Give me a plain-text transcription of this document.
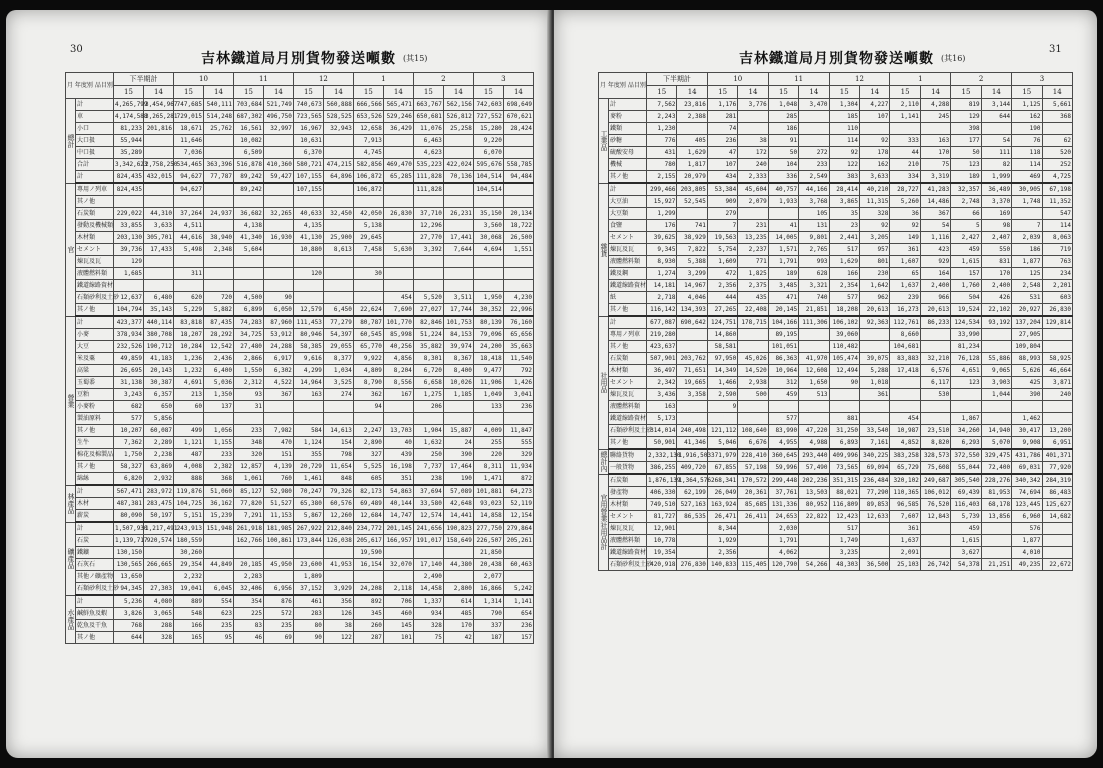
30
吉林鐵道局月別貨物發送噸數 (其15)
月 年度別 品目別		下半期計		10		11		12		1		2		3	
		15	14	15	14	15	14	15	14	15	14	15	14	15	14
總計	計	4,265,799	3,454,967	747,685	540,111	703,684	521,749	740,673	560,888	666,566	565,471	663,767	562,156	742,603	698,649
	車	4,174,588	3,265,281	729,015	514,248	687,302	496,750	723,565	528,525	653,526	529,246	650,681	526,812	727,552	670,621
	小口	81,233	201,816	18,671	25,762	16,561	32,997	16,967	32,943	12,658	36,429	11,076	25,258	15,280	28,424
	大口扱	55,944		11,646		10,082		10,631		7,913		6,463		9,220	
	中口扱	35,289		7,036		6,509		6,370		4,745		4,623		6,070	
	合計	3,342,623	2,758,250	534,465	363,396	516,878	410,360	580,721	474,215	582,856	469,470	535,223	422,024	595,676	558,785
	計	824,435	432,015	94,627	77,787	89,242	59,427	107,155	64,896	106,872	65,285	111,828	70,136	104,514	94,484
官	專用ノ列車	824,435		94,627		89,242		107,155		106,872		111,828		104,514	
	其ノ他														
	石炭類	229,022	44,310	37,264	24,937	36,682	32,265	40,633	32,450	42,050	26,830	37,710	26,231	35,150	20,134
	發動及機械類	33,855	3,633	4,511		4,138		4,135		5,138		12,296		3,560	18,722
	木材類	203,130	305,701	44,616	38,940	41,340	16,930	41,130	25,900	29,645		27,770	17,441	30,068	26,500
	セメント	39,736	17,433	5,498	2,348	5,604		10,880	8,613	7,458	5,630	3,392	7,644	4,694	1,551
	煉瓦及瓦	129													
	液體燃料類	1,685		311				120		30					
	鐵道線路資材														
	石類砂利及土砂	12,637	6,480	620	720	4,500	90				454	5,520	3,511	1,950	4,230
	其ノ他	104,794	35,143	5,229	5,882	6,899	6,050	12,579	6,450	22,624	7,690	27,027	17,744	30,352	22,996
營業	計	423,377	440,114	83,818	87,435	74,283	87,960	111,453	77,279	80,787	101,770	82,846	101,753	80,139	76,160
	小麥	378,934	380,708	18,207	28,292	34,725	53,912	80,946	54,397	60,545	85,998	51,224	84,153	79,096	65,656
	大豆	232,526	190,712	10,284	12,542	27,480	24,288	58,385	29,055	65,770	40,256	35,882	39,974	24,200	35,663
	米及粟	49,859	41,183	1,236	2,436	2,866	6,917	9,616	8,377	9,922	4,856	8,301	8,367	18,418	11,540
	高粱	26,695	20,143	1,232	6,400	1,550	6,302	4,299	1,034	4,809	8,204	6,720	8,400	9,477	792
	玉蜀黍	31,138	30,387	4,691	5,036	2,312	4,522	14,964	3,525	8,790	8,556	6,658	10,026	11,906	1,426
	豆粕	3,243	6,357	213	1,350	93	367	163	274	362	167	1,275	1,185	1,049	3,041
	小麥粉	682	650	60	137	31				94		206		133	236
	製油原料	577	5,856												
	其ノ他	10,207	60,087	499	1,056	233	7,982	584	14,613	2,247	13,703	1,904	15,887	4,009	11,847
	生牛	7,362	2,289	1,121	1,155	348	470	1,124	154	2,890	40	1,632	24	255	555
	棉花及棉製品	1,750	2,238	487	233	320	151	355	798	327	439	250	390	220	329
	其ノ他	58,327	63,869	4,008	2,382	12,857	4,139	20,729	11,654	5,525	16,198	7,737	17,464	8,311	11,934
	綿絲	6,820	2,932	888	368	1,061	760	1,461	848	605	351	238	190	1,471	872
林產品	計	567,471	283,972	119,876	51,060	85,127	52,980	70,247	79,326	82,173	54,863	37,694	57,089	101,881	64,273
	木材	487,381	283,475	104,725	36,162	77,820	51,527	65,380	60,576	69,489	40,144	33,580	42,648	93,023	52,119
	薪炭	80,090	50,197	5,151	15,239	7,291	11,153	5,867	12,260	12,684	14,747	12,574	14,441	14,858	12,154
礦產品	計	1,507,930	1,217,491	243,913	151,948	261,918	181,985	267,922	212,840	234,772	201,145	241,656	190,823	277,750	279,864
	石炭	1,139,717	920,574	180,559		162,766	100,861	173,844	126,038	205,617	166,957	191,017	158,649	226,507	205,261
	鐵鑛	130,150		30,260						19,590				21,850	
	石灰石	130,565	266,665	29,354	44,849	20,185	45,950	23,600	41,953	16,154	32,070	17,140	44,380	20,438	60,463
	其他ノ礦產物	13,650		2,232		2,283		1,809				2,490		2,077	
	石類砂利及土砂	94,345	27,303	19,041	6,045	32,406	6,956	37,152	3,929	24,208	2,118	14,458	2,800	16,866	5,242
水產品	計	5,236	4,080	889	554	354	876	461	356	892	706	1,337	614	1,314	1,141
	鹹鮮魚及蝦	3,826	3,065	548	623	225	572	283	126	345	460	934	485	790	654
	乾魚及干魚	768	288	166	235	83	235	80	38	260	145	328	170	337	236
	其ノ他	644	328	165	95	46	69	90	122	287	101	75	42	187	157
31
吉林鐵道局月別貨物發送噸數 (其16)
月 年度別 品目別		下半期計		10		11		12		1		2		3	
		15	14	15	14	15	14	15	14	15	14	15	14	15	14
工業品	計	7,562	23,816	1,176	3,776	1,048	3,470	1,304	4,227	2,110	4,288	819	3,144	1,125	5,661
	麥粉	2,243	2,388	281		285		185	107	1,141	245	129	644	162	368
	鐵類	1,230		74		186		110				398		190	
	砂糖	776	405	236	38	91		114	92	333	163	177	54	76	62
	硫酸安母	431	1,629	47	172	50	272	92	178	44	170	50	111	118	520
	機械	780	1,817	107	240	104	233	122	162	210	75	123	82	114	252
	其ノ他	2,155	20,979	434	2,333	336	2,549	383	3,633	334	3,319	189	1,999	469	4,725
雜貨	計	299,466	203,805	53,384	45,604	40,757	44,166	28,414	40,210	28,727	41,283	32,357	36,489	30,905	67,198
	大豆油	15,927	52,545	909	2,079	1,933	3,768	3,865	11,315	5,260	14,486	2,748	3,370	1,748	11,352
	大豆類	1,299		279			105	35	328	36	367	66	169		547
	食鹽	176	741	7	231	41	131	23	92	92	54	5	98	7	114
	セメント	39,625	38,929	19,563	13,235	14,005	9,801	2,441	3,205	149	1,116	2,427	2,407	2,039	8,063
	煉瓦及瓦	9,345	7,822	5,754	2,237	1,571	2,765	517	957	361	423	459	550	186	719
	液體燃料類	8,930	5,388	1,609	771	1,791	993	1,629	801	1,607	929	1,615	831	1,877	763
	鐵及鋼	1,274	3,299	472	1,825	189	628	166	230	65	164	157	170	125	234
	鐵道線路資材	14,181	14,967	2,356	2,375	3,485	3,321	2,354	1,642	1,637	2,400	1,760	2,400	2,548	2,201
	紙	2,718	4,046	444	435	471	740	577	962	239	966	504	426	531	603
	其ノ他	116,142	134,393	27,265	22,408	20,145	21,851	18,208	20,613	16,273	20,613	19,524	22,102	20,927	26,830
社用品	計	677,087	690,642	124,751	178,715	104,166	111,306	106,102	92,363	112,761	86,233	124,534	93,192	137,204	129,814
	專用ノ列車	219,280		14,860		89,195		39,060		8,660		33,990		27,905	
	其ノ他	423,637		58,581		101,051		110,482		104,681		81,234		109,804	
	石炭類	507,901	203,762	97,950	45,026	86,363	41,970	105,474	39,075	83,883	32,210	76,128	55,886	88,993	58,925
	木材類	36,497	71,651	14,349	14,520	10,964	12,608	12,494	5,288	17,418	6,576	4,651	9,065	5,626	46,664
	セメント	2,342	19,665	1,466	2,938	312	1,650	90	1,018		6,117	123	3,903	425	3,871
	煉瓦及瓦	3,436	3,358	2,590	500	459	513		361		530		1,044	390	240
	液體燃料類	163		9											
	鐵道線路資材	5,173				577		881		454		1,867		1,462	
	石類砂利及土砂	314,014	240,498	121,112	108,640	83,990	47,220	31,250	33,540	10,987	23,510	34,260	14,940	30,417	13,200
	其ノ他	50,901	41,346	5,046	6,676	4,955	4,988	6,893	7,161	4,852	8,820	6,293	5,070	9,908	6,951
總計內	聯絡貨物	2,332,130	1,916,503	371,979	228,410	360,645	293,440	409,996	340,225	383,258	328,573	372,550	329,475	431,786	401,371
	一般貨物	386,255	409,720	67,855	57,198	59,996	57,490	73,565	69,094	65,729	75,608	55,044	72,400	69,031	77,920
官用營業社用品計	石炭類	1,876,139	1,364,576	268,341	170,572	299,448	202,236	351,315	236,484	320,102	249,687	305,540	228,276	340,342	284,319
	發產物	406,330	62,199	26,049	20,361	37,761	13,503	88,021	77,290	110,365	106,012	69,439	81,953	74,694	86,483
	木材類	749,510	527,163	163,924	85,685	131,336	80,952	116,809	89,853	96,585	76,520	116,403	68,178	123,445	125,627
	セメント	81,727	86,535	26,471	26,411	24,653	22,822	12,423	12,633	7,607	12,843	5,739	13,856	6,960	14,682
	煉瓦及瓦	12,901		8,344		2,030		517		361		459		576	
	液體燃料類	10,778		1,929		1,791		1,749		1,637		1,615		1,877	
	鐵道線路資材	19,354		2,356		4,062		3,235		2,091		3,627		4,010	
	石類砂利及土砂	420,918	276,830	140,833	115,405	120,790	54,266	48,303	36,500	25,103	26,742	54,378	21,251	49,235	22,672
